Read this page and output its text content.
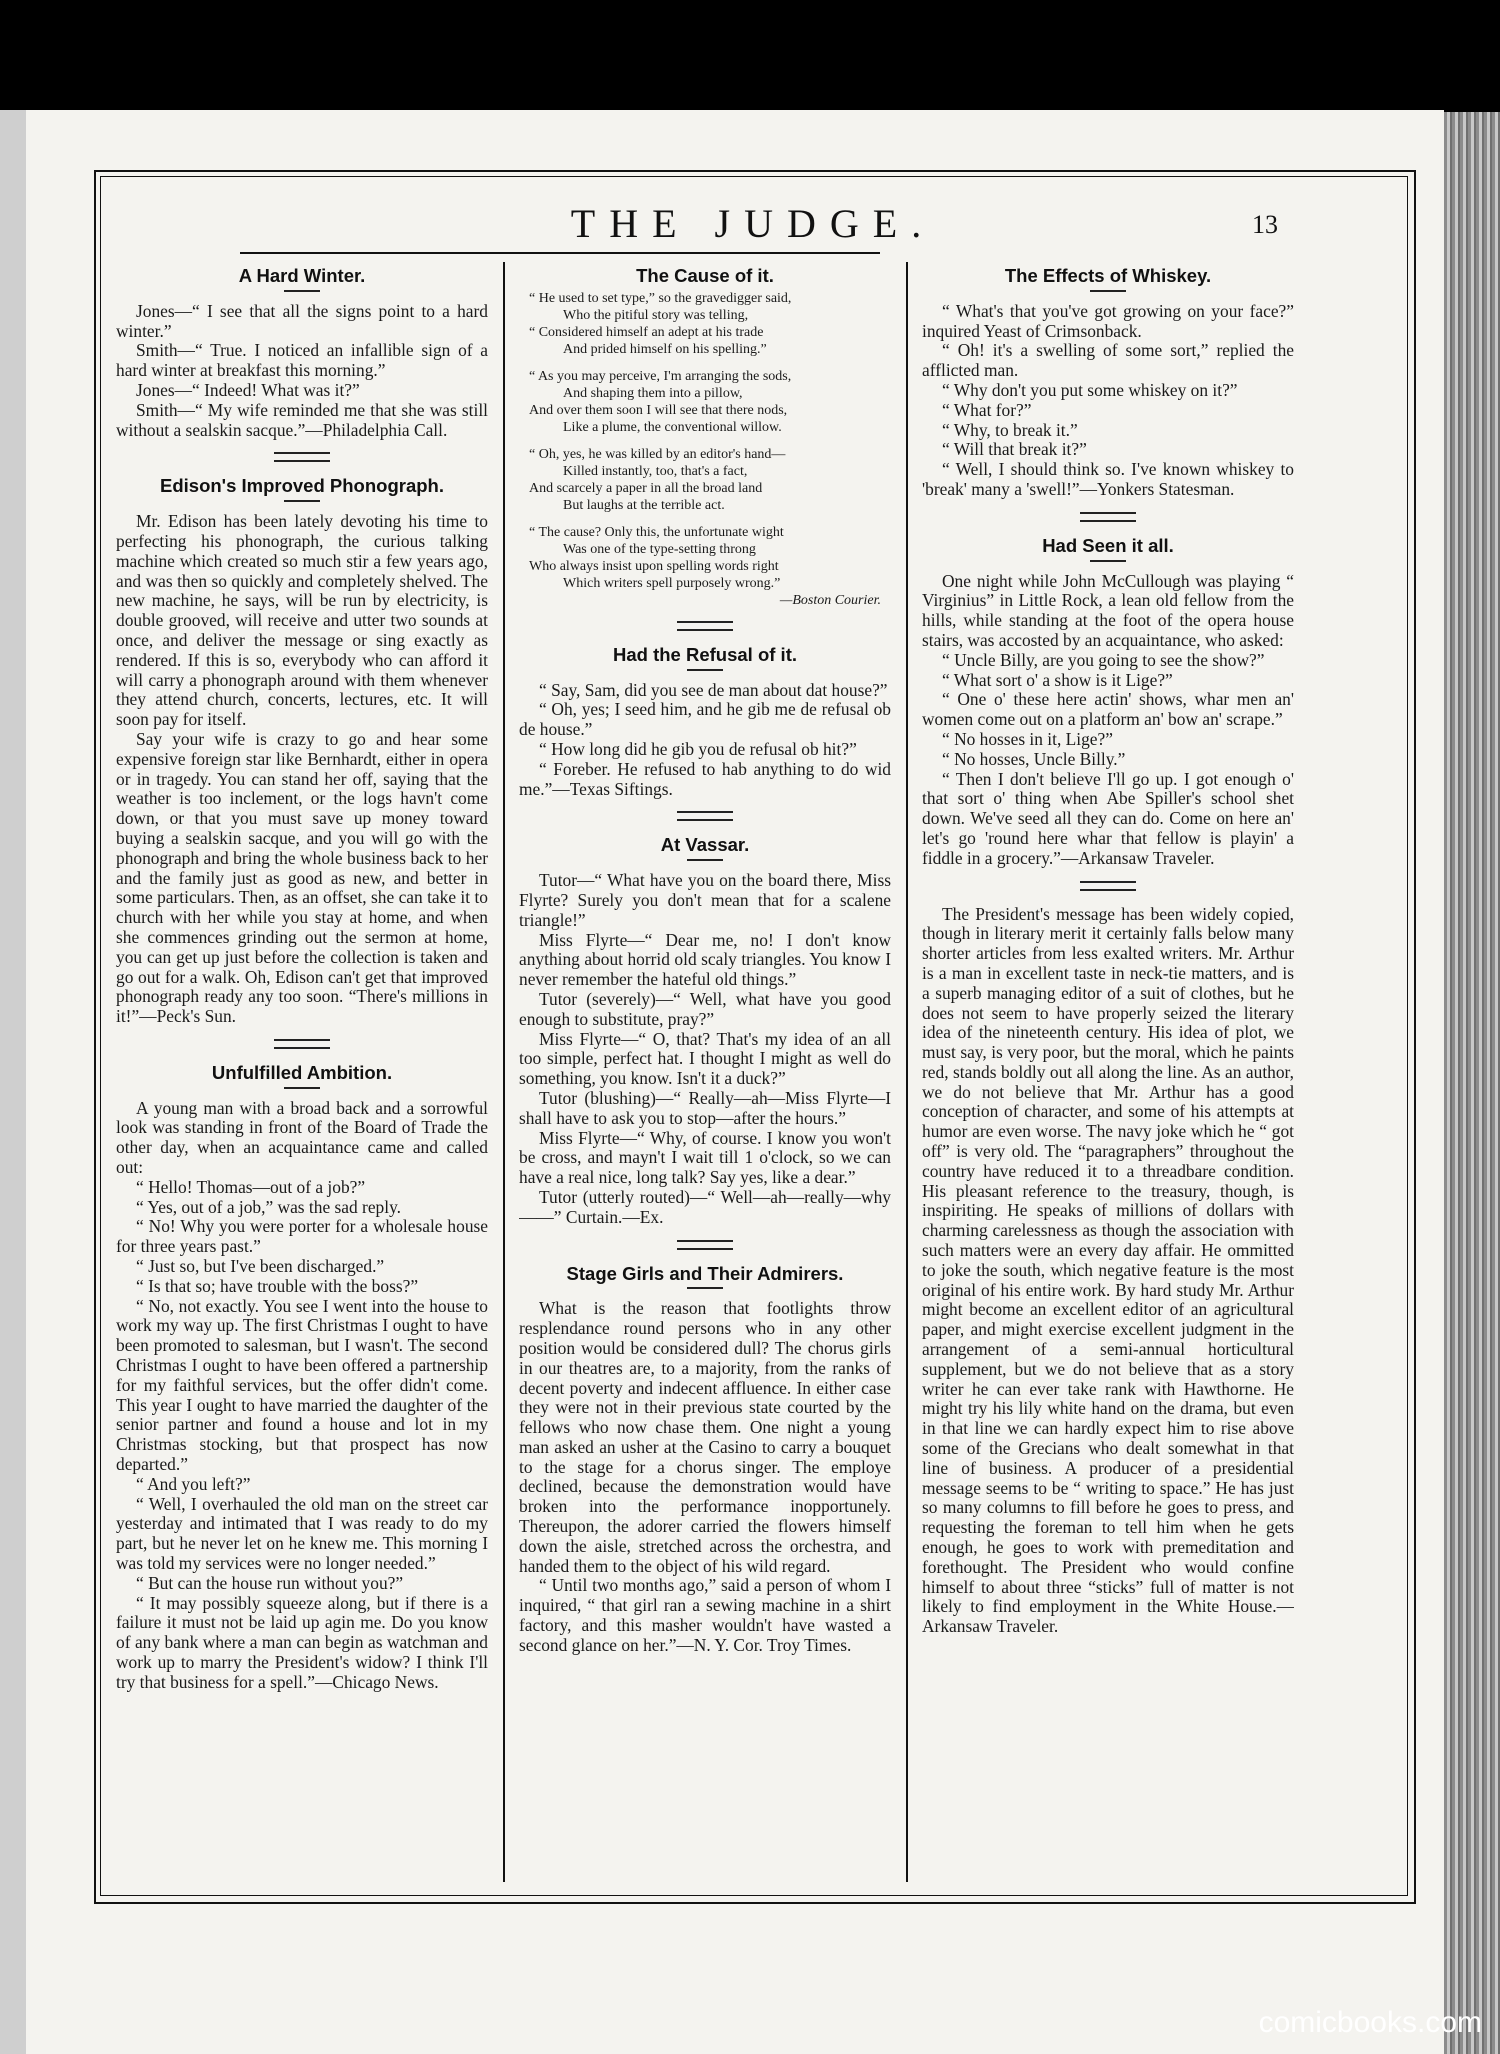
THE JUDGE.	13
A Hard Winter.

Jones—“ I see that all the signs point to a hard winter.”

Smith—“ True. I noticed an infallible sign of a hard winter at breakfast this morning.”

Jones—“ Indeed! What was it?”

Smith—“ My wife reminded me that she was still without a sealskin sacque.”—Philadelphia Call.

Edison's Improved Phonograph.

Mr. Edison has been lately devoting his time to perfecting his phonograph, the curious talking machine which created so much stir a few years ago, and was then so quickly and completely shelved. The new machine, he says, will be run by electricity, is double grooved, will receive and utter two sounds at once, and deliver the message or sing exactly as rendered. If this is so, everybody who can afford it will carry a phonograph around with them whenever they attend church, concerts, lectures, etc. It will soon pay for itself.

Say your wife is crazy to go and hear some expensive foreign star like Bernhardt, either in opera or in tragedy. You can stand her off, saying that the weather is too inclement, or the logs havn't come down, or that you must save up money toward buying a sealskin sacque, and you will go with the phonograph and bring the whole business back to her and the family just as good as new, and better in some particulars. Then, as an offset, she can take it to church with her while you stay at home, and when she commences grinding out the sermon at home, you can get up just before the collection is taken and go out for a walk. Oh, Edison can't get that improved phonograph ready any too soon. “There's millions in it!”—Peck's Sun.

Unfulfilled Ambition.

A young man with a broad back and a sorrowful look was standing in front of the Board of Trade the other day, when an acquaintance came and called out:

“ Hello! Thomas—out of a job?”

“ Yes, out of a job,” was the sad reply.

“ No! Why you were porter for a wholesale house for three years past.”

“ Just so, but I've been discharged.”

“ Is that so; have trouble with the boss?”

“ No, not exactly. You see I went into the house to work my way up. The first Christmas I ought to have been promoted to salesman, but I wasn't. The second Christmas I ought to have been offered a partnership for my faithful services, but the offer didn't come. This year I ought to have married the daughter of the senior partner and found a house and lot in my Christmas stocking, but that prospect has now departed.”

“ And you left?”

“ Well, I overhauled the old man on the street car yesterday and intimated that I was ready to do my part, but he never let on he knew me. This morning I was told my services were no longer needed.”

“ But can the house run without you?”

“ It may possibly squeeze along, but if there is a failure it must not be laid up agin me. Do you know of any bank where a man can begin as watchman and work up to marry the President's widow? I think I'll try that business for a spell.”—Chicago News.

The Cause of it.
“ He used to set type,” so the gravedigger said,
Who the pitiful story was telling,
“ Considered himself an adept at his trade
And prided himself on his spelling.”
“ As you may perceive, I'm arranging the sods,
And shaping them into a pillow,
And over them soon I will see that there nods,
Like a plume, the conventional willow.
“ Oh, yes, he was killed by an editor's hand—
Killed instantly, too, that's a fact,
And scarcely a paper in all the broad land
But laughs at the terrible act.
“ The cause? Only this, the unfortunate wight
Was one of the type-setting throng
Who always insist upon spelling words right
Which writers spell purposely wrong.”
—Boston Courier.
Had the Refusal of it.

“ Say, Sam, did you see de man about dat house?”

“ Oh, yes; I seed him, and he gib me de refusal ob de house.”

“ How long did he gib you de refusal ob hit?”

“ Foreber. He refused to hab anything to do wid me.”—Texas Siftings.

At Vassar.

Tutor—“ What have you on the board there, Miss Flyrte? Surely you don't mean that for a scalene triangle!”

Miss Flyrte—“ Dear me, no! I don't know anything about horrid old scaly triangles. You know I never remember the hateful old things.”

Tutor (severely)—“ Well, what have you good enough to substitute, pray?”

Miss Flyrte—“ O, that? That's my idea of an all too simple, perfect hat. I thought I might as well do something, you know. Isn't it a duck?”

Tutor (blushing)—“ Really—ah—Miss Flyrte—I shall have to ask you to stop—after the hours.”

Miss Flyrte—“ Why, of course. I know you won't be cross, and mayn't I wait till 1 o'clock, so we can have a real nice, long talk? Say yes, like a dear.”

Tutor (utterly routed)—“ Well—ah—really—why——” Curtain.—Ex.

Stage Girls and Their Admirers.

What is the reason that footlights throw resplendance round persons who in any other position would be considered dull? The chorus girls in our theatres are, to a majority, from the ranks of decent poverty and indecent affluence. In either case they were not in their previous state courted by the fellows who now chase them. One night a young man asked an usher at the Casino to carry a bouquet to the stage for a chorus singer. The employe declined, because the demonstration would have broken into the performance inopportunely. Thereupon, the adorer carried the flowers himself down the aisle, stretched across the orchestra, and handed them to the object of his wild regard.

“ Until two months ago,” said a person of whom I inquired, “ that girl ran a sewing machine in a shirt factory, and this masher wouldn't have wasted a second glance on her.”—N. Y. Cor. Troy Times.

The Effects of Whiskey.

“ What's that you've got growing on your face?” inquired Yeast of Crimsonback.

“ Oh! it's a swelling of some sort,” replied the afflicted man.

“ Why don't you put some whiskey on it?”

“ What for?”

“ Why, to break it.”

“ Will that break it?”

“ Well, I should think so. I've known whiskey to 'break' many a 'swell!”—Yonkers Statesman.

Had Seen it all.

One night while John McCullough was playing “ Virginius” in Little Rock, a lean old fellow from the hills, while standing at the foot of the opera house stairs, was accosted by an acquaintance, who asked:

“ Uncle Billy, are you going to see the show?”

“ What sort o' a show is it Lige?”

“ One o' these here actin' shows, whar men an' women come out on a platform an' bow an' scrape.”

“ No hosses in it, Lige?”

“ No hosses, Uncle Billy.”

“ Then I don't believe I'll go up. I got enough o' that sort o' thing when Abe Spiller's school shet down. We've seed all they can do. Come on here an' let's go 'round here whar that fellow is playin' a fiddle in a grocery.”—Arkansaw Traveler.

The President's message has been widely copied, though in literary merit it certainly falls below many shorter articles from less exalted writers. Mr. Arthur is a man in excellent taste in neck-tie matters, and is a superb managing editor of a suit of clothes, but he does not seem to have properly seized the literary idea of the nineteenth century. His idea of plot, we must say, is very poor, but the moral, which he paints red, stands boldly out all along the line. As an author, we do not believe that Mr. Arthur has a good conception of character, and some of his attempts at humor are even worse. The navy joke which he “ got off” is very old. The “paragraphers” throughout the country have reduced it to a threadbare condition. His pleasant reference to the treasury, though, is inspiriting. He speaks of millions of dollars with charming carelessness as though the association with such matters were an every day affair. He ommitted to joke the south, which negative feature is the most original of his entire work. By hard study Mr. Arthur might become an excellent editor of an agricultural paper, and might exercise excellent judgment in the arrangement of a semi-annual horticultural supplement, but we do not believe that as a story writer he can ever take rank with Hawthorne. He might try his lily white hand on the drama, but even in that line we can hardly expect him to rise above some of the Grecians who dealt somewhat in that line of business. A producer of a presidential message seems to be “ writing to space.” He has just so many columns to fill before he goes to press, and requesting the foreman to tell him when he gets enough, he goes to work with premeditation and forethought. The President who would confine himself to about three “sticks” full of matter is not likely to find employment in the White House.—Arkansaw Traveler.

comicbooks.com
